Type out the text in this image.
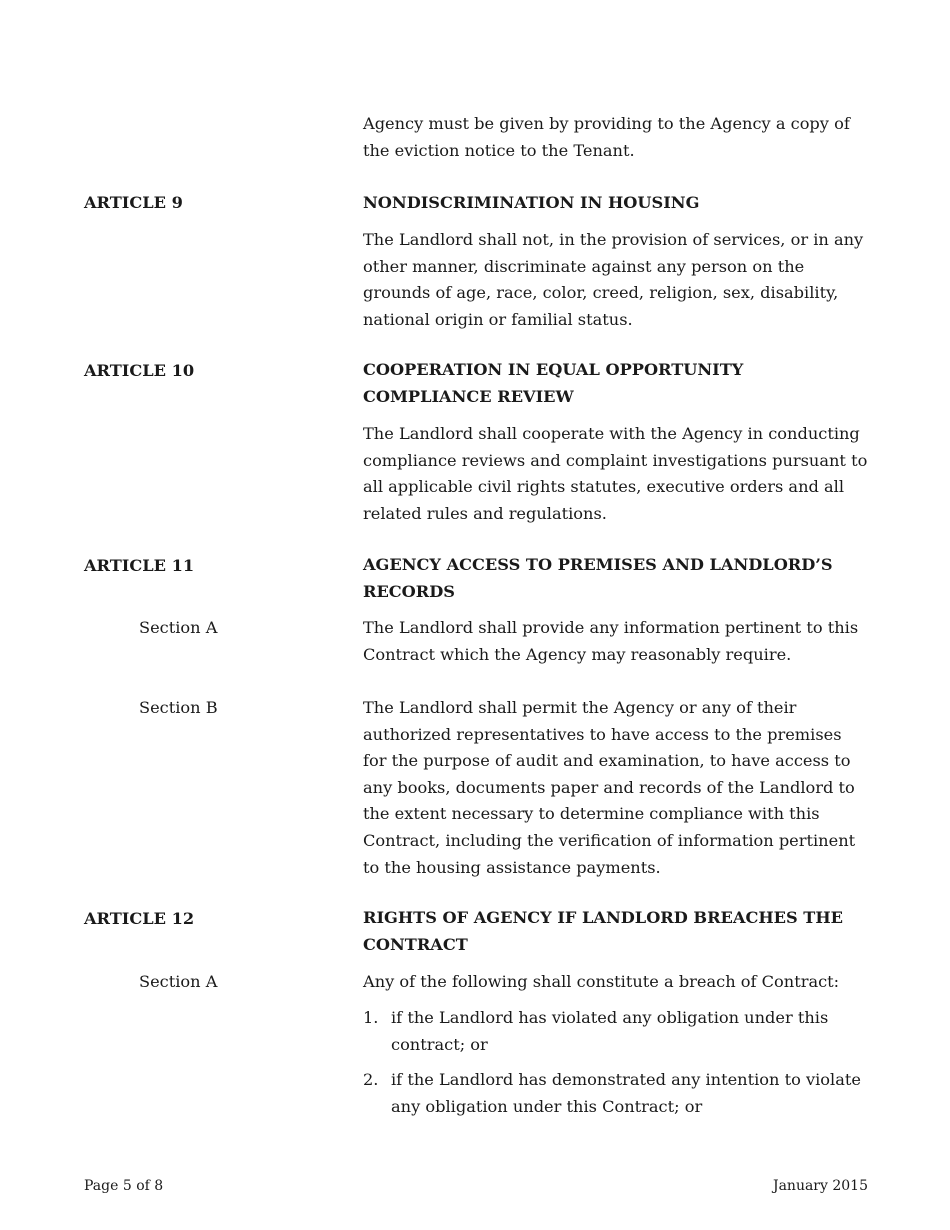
Agency must be given by providing to the Agency a copy of the eviction notice to the Tenant.
ARTICLE 9	NONDISCRIMINATION IN HOUSING
The Landlord shall not, in the provision of services, or in any other manner, discriminate against any person on the grounds of age, race, color, creed, religion, sex, disability, national origin or familial status.
ARTICLE 10	COOPERATION IN EQUAL OPPORTUNITY COMPLIANCE REVIEW
The Landlord shall cooperate with the Agency in conducting compliance reviews and complaint investigations pursuant to all applicable civil rights statutes, executive orders and all related rules and regulations.
ARTICLE 11	AGENCY ACCESS TO PREMISES AND LANDLORD’S RECORDS
Section A	The Landlord shall provide any information pertinent to this Contract which the Agency may reasonably require.
Section B	The Landlord shall permit the Agency or any of their authorized representatives to have access to the premises for the purpose of audit and examination, to have access to any books, documents paper and records of the Landlord to the extent necessary to determine compliance with this Contract, including the verification of information pertinent to the housing assistance payments.
ARTICLE 12	RIGHTS OF AGENCY IF LANDLORD BREACHES THE CONTRACT
Section A	Any of the following shall constitute a breach of Contract:
1. if the Landlord has violated any obligation under this contract; or
2. if the Landlord has demonstrated any intention to violate any obligation under this Contract; or
Page 5 of 8	January 2015
